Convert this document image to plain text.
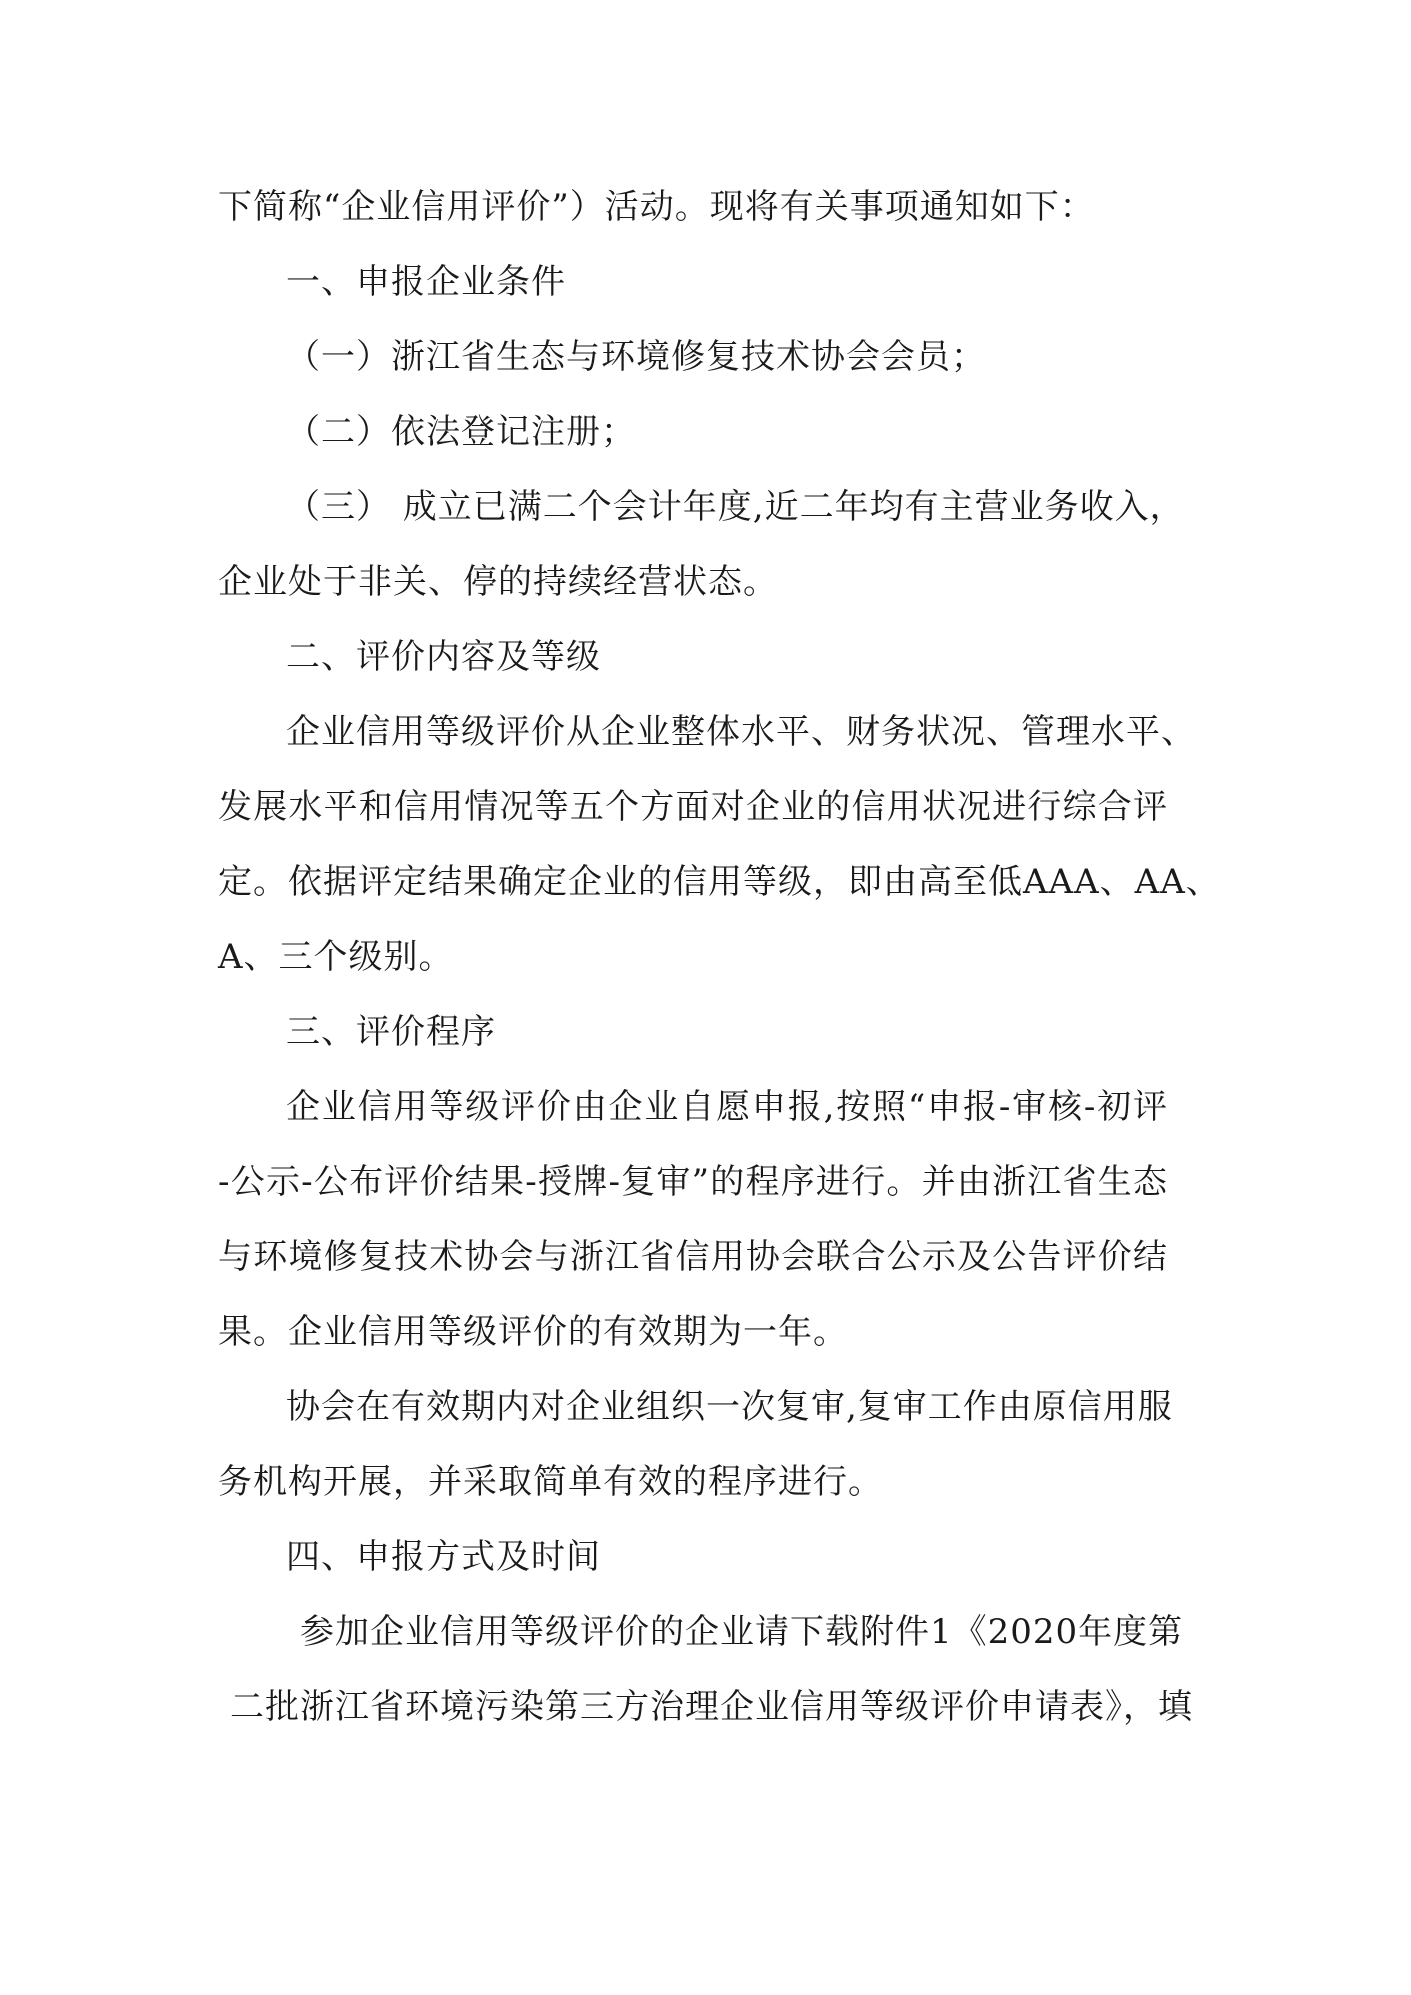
下简称“企业信用评价”）活动。现将有关事项通知如下：
一、申报企业条件
（一）浙江省生态与环境修复技术协会会员；
（二）依法登记注册；
（三） 成立已满二个会计年度,近二年均有主营业务收入，
企业处于非关、停的持续经营状态。
二、评价内容及等级
企业信用等级评价从企业整体水平、财务状况、管理水平、
发展水平和信用情况等五个方面对企业的信用状况进行综合评
定。依据评定结果确定企业的信用等级，即由高至低AAA、AA、
A、三个级别。
三、评价程序
企业信用等级评价由企业自愿申报,按照“申报-审核-初评
-公示-公布评价结果-授牌-复审”的程序进行。并由浙江省生态
与环境修复技术协会与浙江省信用协会联合公示及公告评价结
果。企业信用等级评价的有效期为一年。
协会在有效期内对企业组织一次复审,复审工作由原信用服
务机构开展，并采取简单有效的程序进行。
四、申报方式及时间
参加企业信用等级评价的企业请下载附件1《2020年度第
二批浙江省环境污染第三方治理企业信用等级评价申请表》，填
